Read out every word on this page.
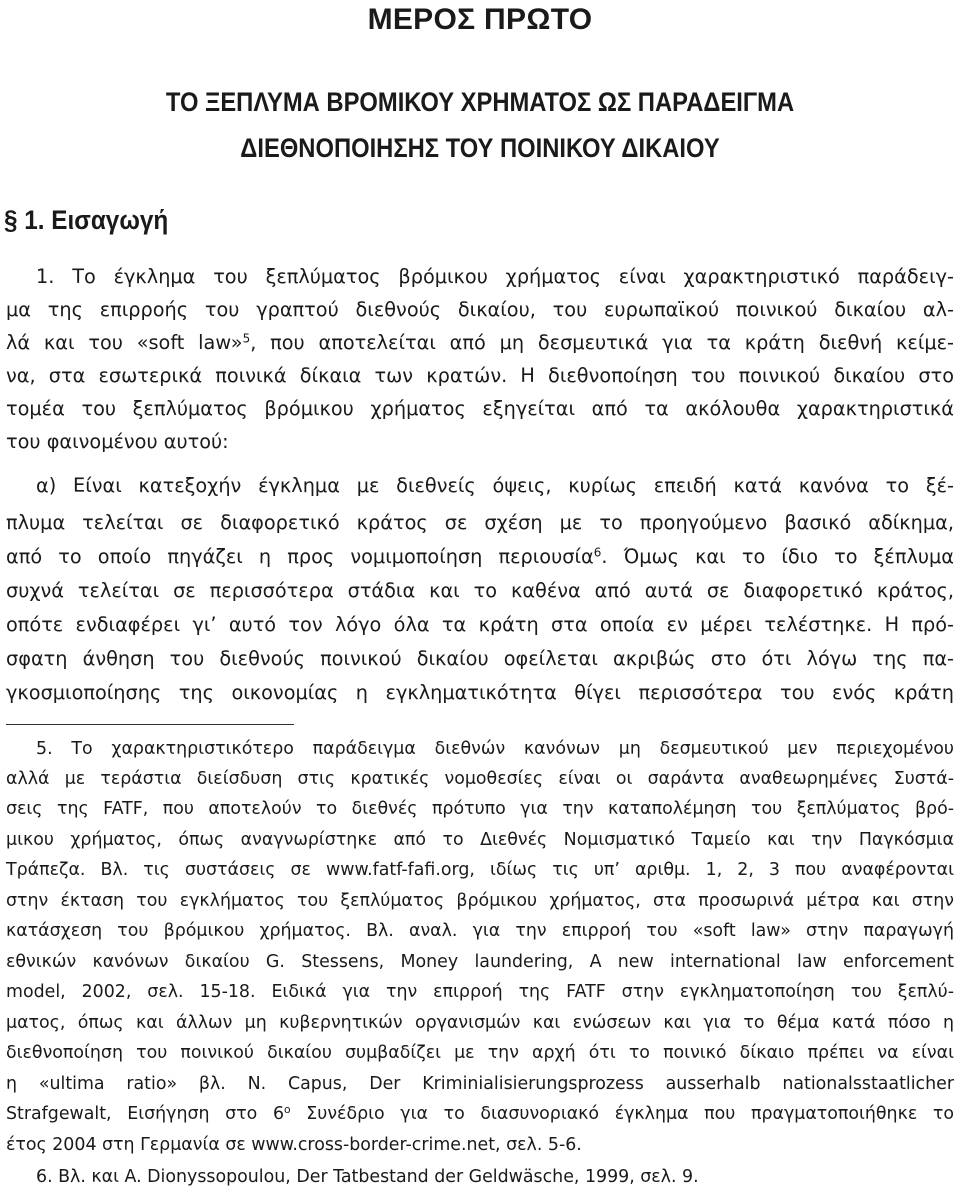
ΜΕΡΟΣ ΠΡΩΤΟ
ΤΟ ΞΕΠΛΥΜΑ ΒΡΟΜΙΚΟΥ ΧΡΗΜΑΤΟΣ ΩΣ ΠΑΡΑΔΕΙΓΜΑ
ΔΙΕΘΝΟΠΟΙΗΣΗΣ ΤΟΥ ΠΟΙΝΙΚΟΥ ΔΙΚΑΙΟΥ
§ 1. Εισαγωγή

1. Το έγκλημα του ξεπλύματος βρόμικου χρήματος είναι χαρακτηριστικό παράδειγ-

μα της επιρροής του γραπτού διεθνούς δικαίου, του ευρωπαϊκού ποινικού δικαίου αλ-

λά και του «soft law»$^5$, που αποτελείται από μη δεσμευτικά για τα κράτη διεθνή κείμε-

να, στα εσωτερικά ποινικά δίκαια των κρατών. Η διεθνοποίηση του ποινικού δικαίου στο

τομέα του ξεπλύματος βρόμικου χρήματος εξηγείται από τα ακόλουθα χαρακτηριστικά

του φαινομένου αυτού:

α) Είναι κατεξοχήν έγκλημα με διεθνείς όψεις, κυρίως επειδή κατά κανόνα το ξέ-

πλυμα τελείται σε διαφορετικό κράτος σε σχέση με το προηγούμενο βασικό αδίκημα,

από το οποίο πηγάζει η προς νομιμοποίηση περιουσία$^6$. Όμως και το ίδιο το ξέπλυμα

συχνά τελείται σε περισσότερα στάδια και το καθένα από αυτά σε διαφορετικό κράτος,

οπότε ενδιαφέρει γι’ αυτό τον λόγο όλα τα κράτη στα οποία εν μέρει τελέστηκε. Η πρό-

σφατη άνθηση του διεθνούς ποινικού δικαίου οφείλεται ακριβώς στο ότι λόγω της πα-

γκοσμιοποίησης της οικονομίας η εγκληματικότητα θίγει περισσότερα του ενός κράτη

5. Το χαρακτηριστικότερο παράδειγμα διεθνών κανόνων μη δεσμευτικού μεν περιεχομένου

αλλά με τεράστια διείσδυση στις κρατικές νομοθεσίες είναι οι σαράντα αναθεωρημένες Συστά-

σεις της FATF, που αποτελούν το διεθνές πρότυπο για την καταπολέμηση του ξεπλύματος βρό-

μικου χρήματος, όπως αναγνωρίστηκε από το Διεθνές Νομισματικό Ταμείο και την Παγκόσμια

Τράπεζα. Βλ. τις συστάσεις σε www.fatf-fafi.org, ιδίως τις υπ’ αριθμ. 1, 2, 3 που αναφέρονται

στην έκταση του εγκλήματος του ξεπλύματος βρόμικου χρήματος, στα προσωρινά μέτρα και στην

κατάσχεση του βρόμικου χρήματος. Βλ. αναλ. για την επιρροή του «soft law» στην παραγωγή

εθνικών κανόνων δικαίου G. Stessens, Money laundering, A new international law enforcement

model, 2002, σελ. 15-18. Ειδικά για την επιρροή της FATF στην εγκληματοποίηση του ξεπλύ-

ματος, όπως και άλλων μη κυβερνητικών οργανισμών και ενώσεων και για το θέμα κατά πόσο η

διεθνοποίηση του ποινικού δικαίου συμβαδίζει με την αρχή ότι το ποινικό δίκαιο πρέπει να είναι

η «ultima ratio» βλ. N. Capus, Der Kriminialisierungsprozess ausserhalb nationalsstaatlicher

Strafgewalt, Εισήγηση στο $6^o$ Συνέδριο για το διασυνοριακό έγκλημα που πραγματοποιήθηκε το

έτος 2004 στη Γερμανία σε www.cross-border-crime.net, σελ. 5-6.

6. Βλ. και A. Dionyssopoulou, Der Tatbestand der Geldwäsche, 1999, σελ. 9.
